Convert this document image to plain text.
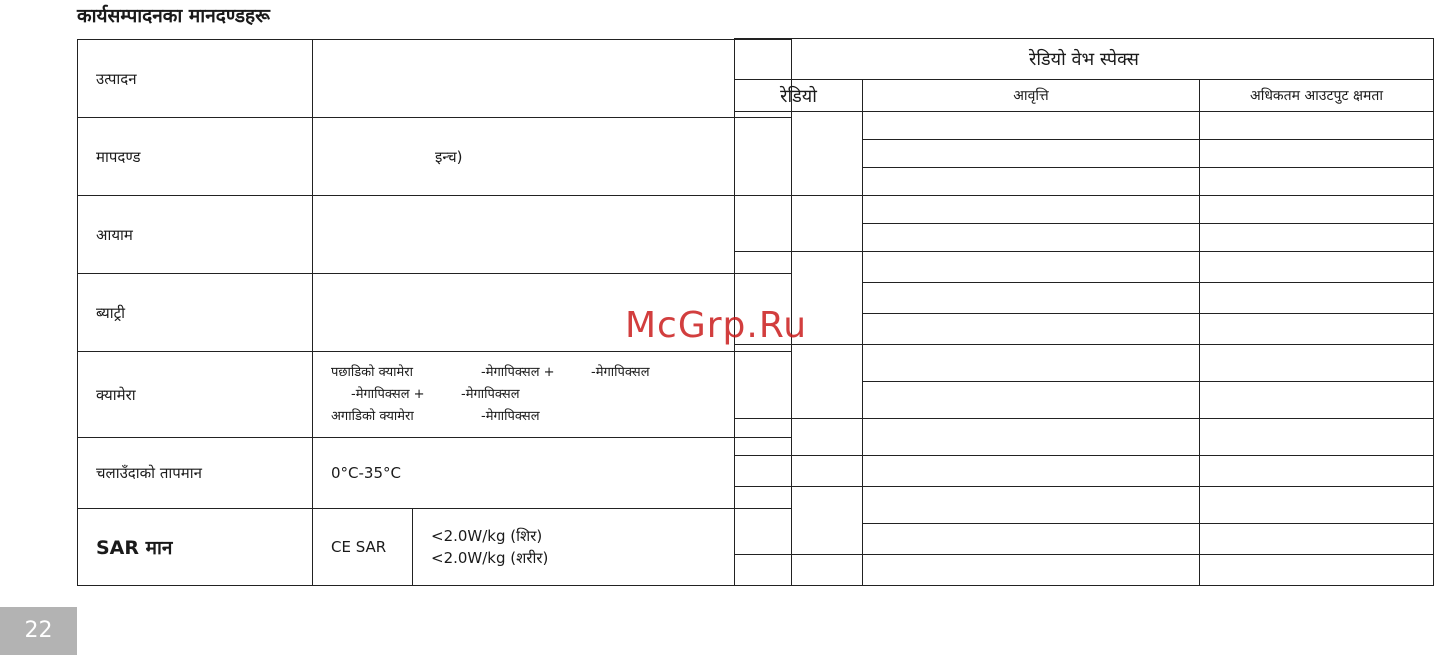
कार्यसम्पादनका मानदण्डहरू
उत्पादन		
मापदण्ड	इन्च)	
आयाम		
ब्याट्री		
क्यामेरा	पछाडिको क्यामेरा -मेगापिक्सल + -मेगापिक्सल
-मेगापिक्सल + -मेगापिक्सल
अगाडिको क्यामेरा -मेगापिक्सल	

चलाउँदाको तापमान	0°C-35°C	
SAR मान	CE SAR	<2.0W/kg (शिर)
<2.0W/kg (शरीर)
रेडियो वेभ स्पेक्स		
रेडियो	आवृत्ति	अधिकतम आउटपुट क्षमता

McGrp.Ru
22
